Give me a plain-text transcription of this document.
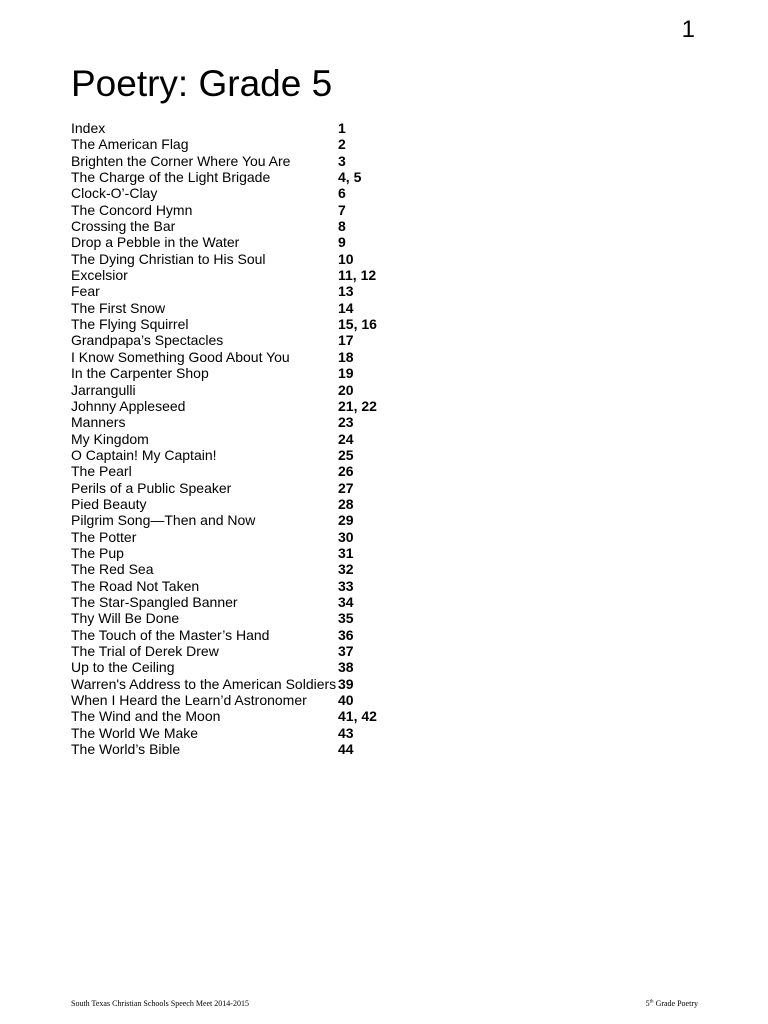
1
Poetry: Grade 5
Index	1
The American Flag	2
Brighten the Corner Where You Are	3
The Charge of the Light Brigade	4, 5
Clock-O’-Clay	6
The Concord Hymn	7
Crossing the Bar	8
Drop a Pebble in the Water	9
The Dying Christian to His Soul	10
Excelsior	11, 12
Fear	13
The First Snow	14
The Flying Squirrel	15, 16
Grandpapa’s Spectacles	17
I Know Something Good About You	18
In the Carpenter Shop	19
Jarrangulli	20
Johnny Appleseed	21, 22
Manners	23
My Kingdom	24
O Captain! My Captain!	25
The Pearl	26
Perils of a Public Speaker	27
Pied Beauty	28
Pilgrim Song—Then and Now	29
The Potter	30
The Pup	31
The Red Sea	32
The Road Not Taken	33
The Star-Spangled Banner	34
Thy Will Be Done	35
The Touch of the Master’s Hand	36
The Trial of Derek Drew	37
Up to the Ceiling	38
Warren's Address to the American Soldiers 39
When I Heard the Learn’d Astronomer	40
The Wind and the Moon	41, 42
The World We Make	43
The World’s Bible	44
South Texas Christian Schools Speech Meet 2014-2015	5th Grade Poetry
